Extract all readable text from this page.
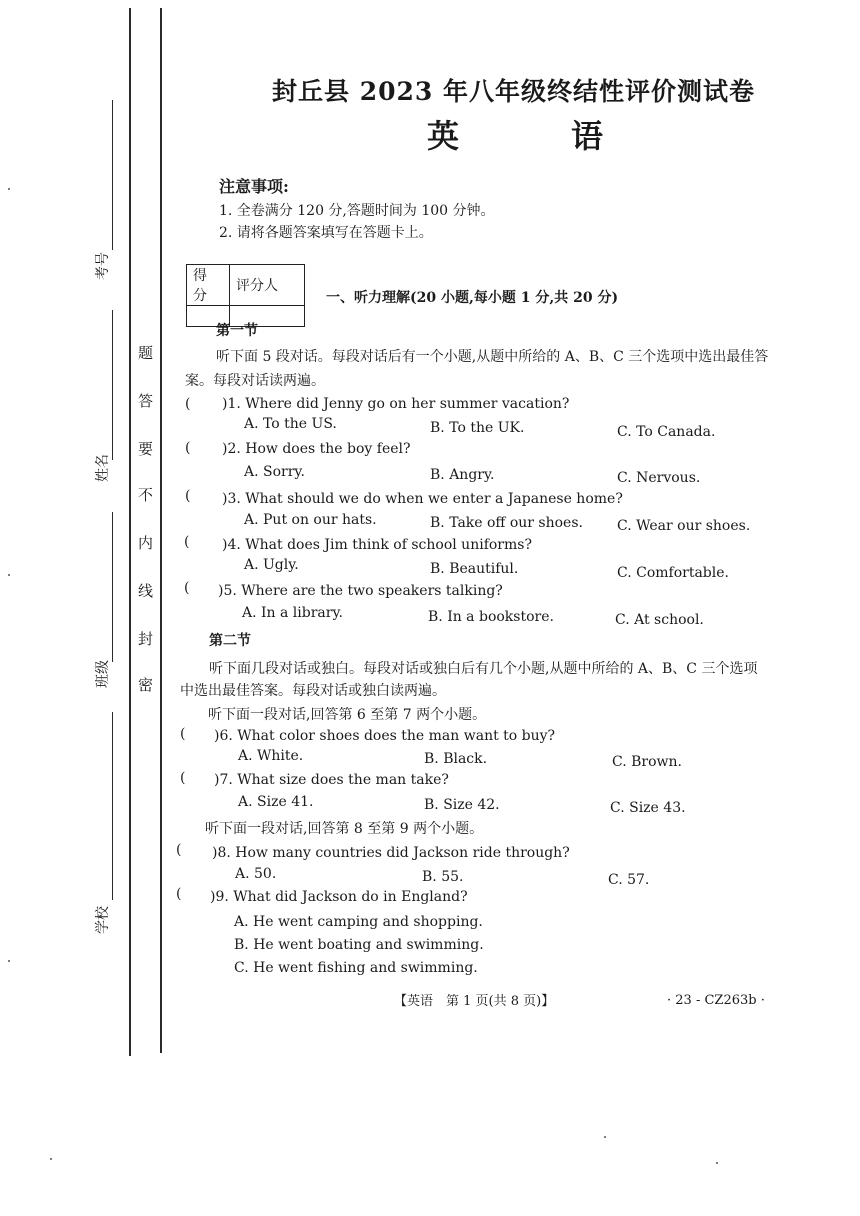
考号
姓名
班级
学校
题
答
要
不
内
线
封
密
封丘县 2023 年八年级终结性评价测试卷
英　语
注意事项:
1. 全卷满分 120 分,答题时间为 100 分钟。
2. 请将各题答案填写在答题卡上。
得 分	评分人

一、听力理解(20 小题,每小题 1 分,共 20 分)
第一节
听下面 5 段对话。每段对话后有一个小题,从题中所给的 A、B、C 三个选项中选出最佳答
案。每段对话读两遍。
( )1. Where did Jenny go on her summer vacation?
A. To the US.	B. To the UK.	C. To Canada.
( )2. How does the boy feel?
A. Sorry.	B. Angry.	C. Nervous.
( )3. What should we do when we enter a Japanese home?
A. Put on our hats.	B. Take off our shoes. C. Wear our shoes.
( )4. What does Jim think of school uniforms?
A. Ugly.	B. Beautiful.	C. Comfortable.
( )5. Where are the two speakers talking?
A. In a library.	B. In a bookstore.	C. At school.
第二节
听下面几段对话或独白。每段对话或独白后有几个小题,从题中所给的 A、B、C 三个选项
中选出最佳答案。每段对话或独白读两遍。
听下面一段对话,回答第 6 至第 7 两个小题。
( )6. What color shoes does the man want to buy?
A. White.	B. Black.	C. Brown.
( )7. What size does the man take?
A. Size 41.	B. Size 42.	C. Size 43.
听下面一段对话,回答第 8 至第 9 两个小题。
( )8. How many countries did Jackson ride through?
A. 50.	B. 55.	C. 57.
( )9. What did Jackson do in England?
A. He went camping and shopping.
B. He went boating and swimming.
C. He went fishing and swimming.
【英语　第 1 页(共 8 页)】	· 23 - CZ263b ·
